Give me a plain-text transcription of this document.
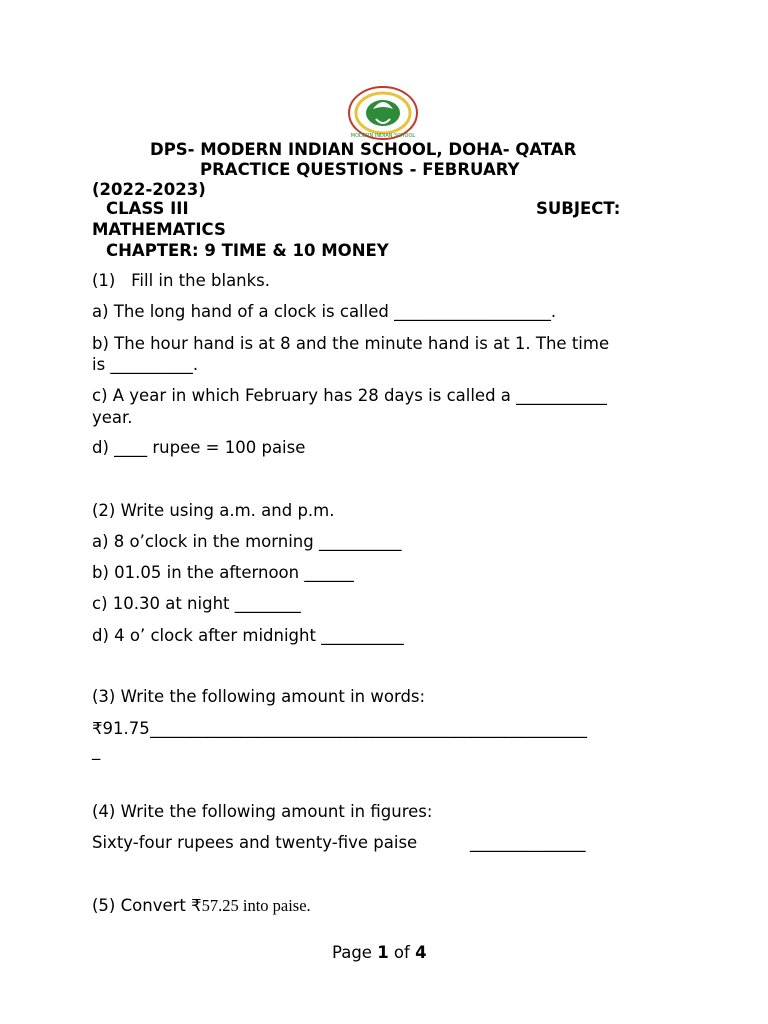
MODERN INDIAN SCHOOL
DPS- MODERN INDIAN SCHOOL, DOHA- QATAR
PRACTICE QUESTIONS - FEBRUARY
(2022-2023)
CLASS III	SUBJECT:
MATHEMATICS
CHAPTER: 9 TIME & 10 MONEY
(1)   Fill in the blanks.
a) The long hand of a clock is called ___________________.
b) The hour hand is at 8 and the minute hand is at 1. The time
is __________.
c) A year in which February has 28 days is called a ___________
year.
d) ____ rupee = 100 paise
(2) Write using a.m. and p.m.
a) 8 o’clock in the morning __________
b) 01.05 in the afternoon ______
c) 10.30 at night ________
d) 4 o’ clock after midnight __________
(3) Write the following amount in words:
₹91.75_____________________________________________________
_
(4) Write the following amount in figures:
Sixty-four rupees and twenty-five paise	______________
(5) Convert ₹57.25 into paise.
Page 1 of 4
